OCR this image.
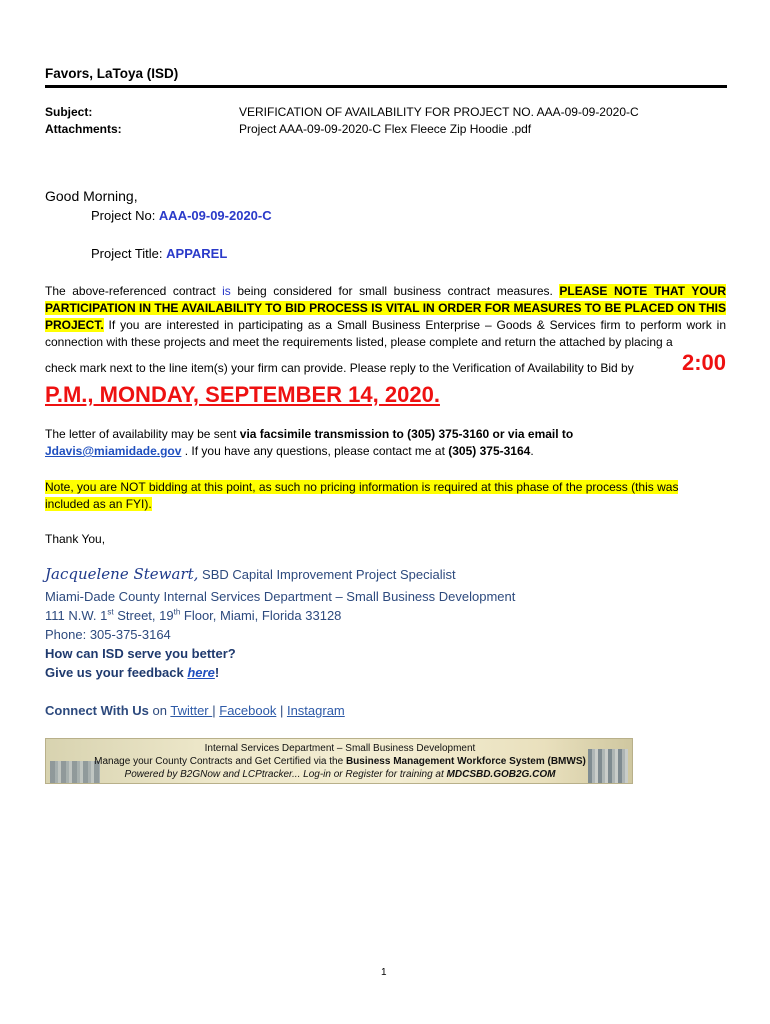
Favors, LaToya (ISD)
Subject:	VERIFICATION OF AVAILABILITY FOR PROJECT NO. AAA-09-09-2020-C
Attachments:	Project AAA-09-09-2020-C Flex Fleece Zip Hoodie .pdf
Good Morning,
Project No: AAA-09-09-2020-C
Project Title: APPAREL
The above-referenced contract is being considered for small business contract measures. PLEASE NOTE THAT YOUR PARTICIPATION IN THE AVAILABILITY TO BID PROCESS IS VITAL IN ORDER FOR MEASURES TO BE PLACED ON THIS PROJECT. If you are interested in participating as a Small Business Enterprise – Goods & Services firm to perform work in connection with these projects and meet the requirements listed, please complete and return the attached by placing a
check mark next to the line item(s) your firm can provide. Please reply to the Verification of Availability to Bid by 2:00
P.M., MONDAY, SEPTEMBER 14, 2020.
The letter of availability may be sent via facsimile transmission to (305) 375-3160 or via email to
Jdavis@miamidade.gov . If you have any questions, please contact me at (305) 375-3164.
Note, you are NOT bidding at this point, as such no pricing information is required at this phase of the process (this was included as an FYI).
Thank You,
Jacquelene Stewart, SBD Capital Improvement Project Specialist
Miami-Dade County Internal Services Department – Small Business Development
111 N.W. 1st Street, 19th Floor, Miami, Florida 33128
Phone: 305-375-3164
How can ISD serve you better?
Give us your feedback here!
Connect With Us on Twitter | Facebook | Instagram
Internal Services Department – Small Business Development
Manage your County Contracts and Get Certified via the Business Management Workforce System (BMWS)
Powered by B2GNow and LCPtracker... Log-in or Register for training at MDCSBD.GOB2G.COM
1
